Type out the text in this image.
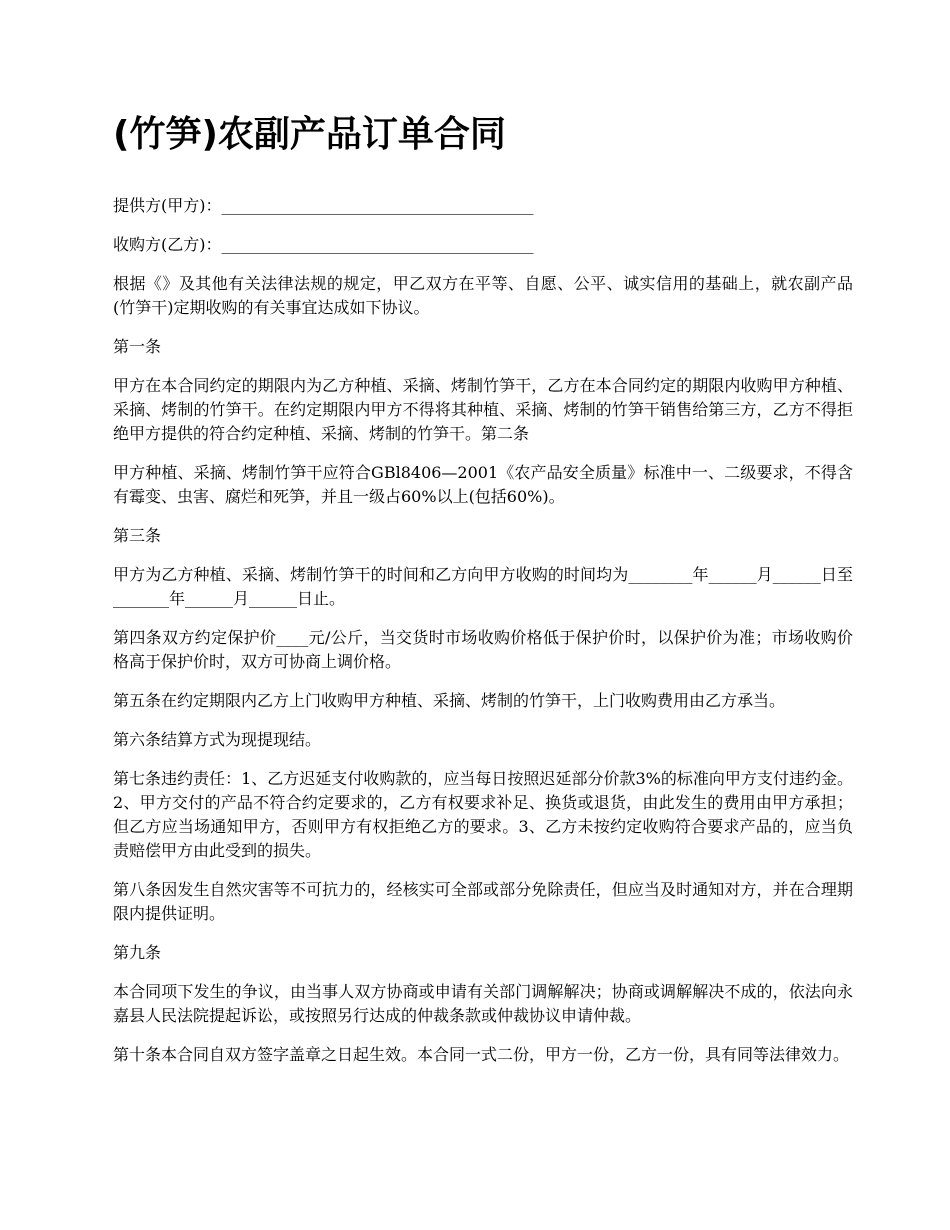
(竹笋)农副产品订单合同

提供方(甲方)：_______________________________________

收购方(乙方)：_______________________________________

根据《》及其他有关法律法规的规定，甲乙双方在平等、自愿、公平、诚实信用的基础上，就农副产品(竹笋干)定期收购的有关事宜达成如下协议。

第一条

甲方在本合同约定的期限内为乙方种植、采摘、烤制竹笋干，乙方在本合同约定的期限内收购甲方种植、采摘、烤制的竹笋干。在约定期限内甲方不得将其种植、采摘、烤制的竹笋干销售给第三方，乙方不得拒绝甲方提供的符合约定种植、采摘、烤制的竹笋干。第二条

甲方种植、采摘、烤制竹笋干应符合GBl8406—2001《农产品安全质量》标准中一、二级要求，不得含有霉变、虫害、腐烂和死笋，并且一级占60%以上(包括60%)。

第三条

甲方为乙方种植、采摘、烤制竹笋干的时间和乙方向甲方收购的时间均为________年______月______日至_______年______月______日止。

第四条双方约定保护价____元/公斤，当交货时市场收购价格低于保护价时，以保护价为准；市场收购价格高于保护价时，双方可协商上调价格。

第五条在约定期限内乙方上门收购甲方种植、采摘、烤制的竹笋干，上门收购费用由乙方承当。

第六条结算方式为现提现结。

第七条违约责任：1、乙方迟延支付收购款的，应当每日按照迟延部分价款3%的标准向甲方支付违约金。2、甲方交付的产品不符合约定要求的，乙方有权要求补足、换货或退货，由此发生的费用由甲方承担；但乙方应当场通知甲方，否则甲方有权拒绝乙方的要求。3、乙方未按约定收购符合要求产品的，应当负责赔偿甲方由此受到的损失。

第八条因发生自然灾害等不可抗力的，经核实可全部或部分免除责任，但应当及时通知对方，并在合理期限内提供证明。

第九条

本合同项下发生的争议，由当事人双方协商或申请有关部门调解解决；协商或调解解决不成的，依法向永嘉县人民法院提起诉讼，或按照另行达成的仲裁条款或仲裁协议申请仲裁。

第十条本合同自双方签字盖章之日起生效。本合同一式二份，甲方一份，乙方一份，具有同等法律效力。
